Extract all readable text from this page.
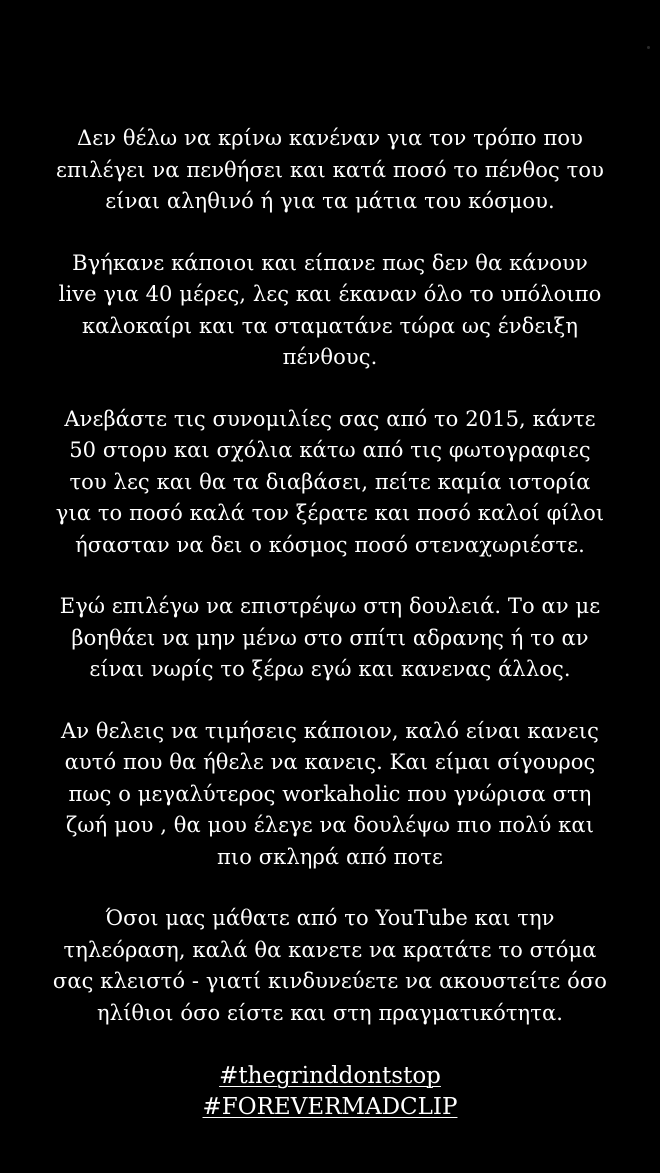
Δεν θέλω να κρίνω κανέναν για τον τρόπο που
επιλέγει να πενθήσει και κατά ποσό το πένθος του
είναι αληθινό ή για τα μάτια του κόσμου.

Βγήκανε κάποιοι και είπανε πως δεν θα κάνουν
live για 40 μέρες, λες και έκαναν όλο το υπόλοιπο
καλοκαίρι και τα σταματάνε τώρα ως ένδειξη
πένθους.

Ανεβάστε τις συνομιλίες σας από το 2015, κάντε
50 στορυ και σχόλια κάτω από τις φωτογραφιες
του λες και θα τα διαβάσει, πείτε καμία ιστορία
για το ποσό καλά τον ξέρατε και ποσό καλοί φίλοι
ήσασταν να δει ο κόσμος ποσό στεναχωριέστε.

Εγώ επιλέγω να επιστρέψω στη δουλειά. Το αν με
βοηθάει να μην μένω στο σπίτι αδρανης ή το αν
είναι νωρίς το ξέρω εγώ και κανενας άλλος.

Αν θελεις να τιμήσεις κάποιον, καλό είναι κανεις
αυτό που θα ήθελε να κανεις. Και είμαι σίγουρος
πως ο μεγαλύτερος workaholic που γνώρισα στη
ζωή μου , θα μου έλεγε να δουλέψω πιο πολύ και
πιο σκληρά από ποτε

Όσοι μας μάθατε από το YouTube και την
τηλεόραση, καλά θα κανετε να κρατάτε το στόμα
σας κλειστό - γιατί κινδυνεύετε να ακουστείτε όσο
ηλίθιοι όσο είστε και στη πραγματικότητα.

#thegrinddontstop
#FOREVERMADCLIP
